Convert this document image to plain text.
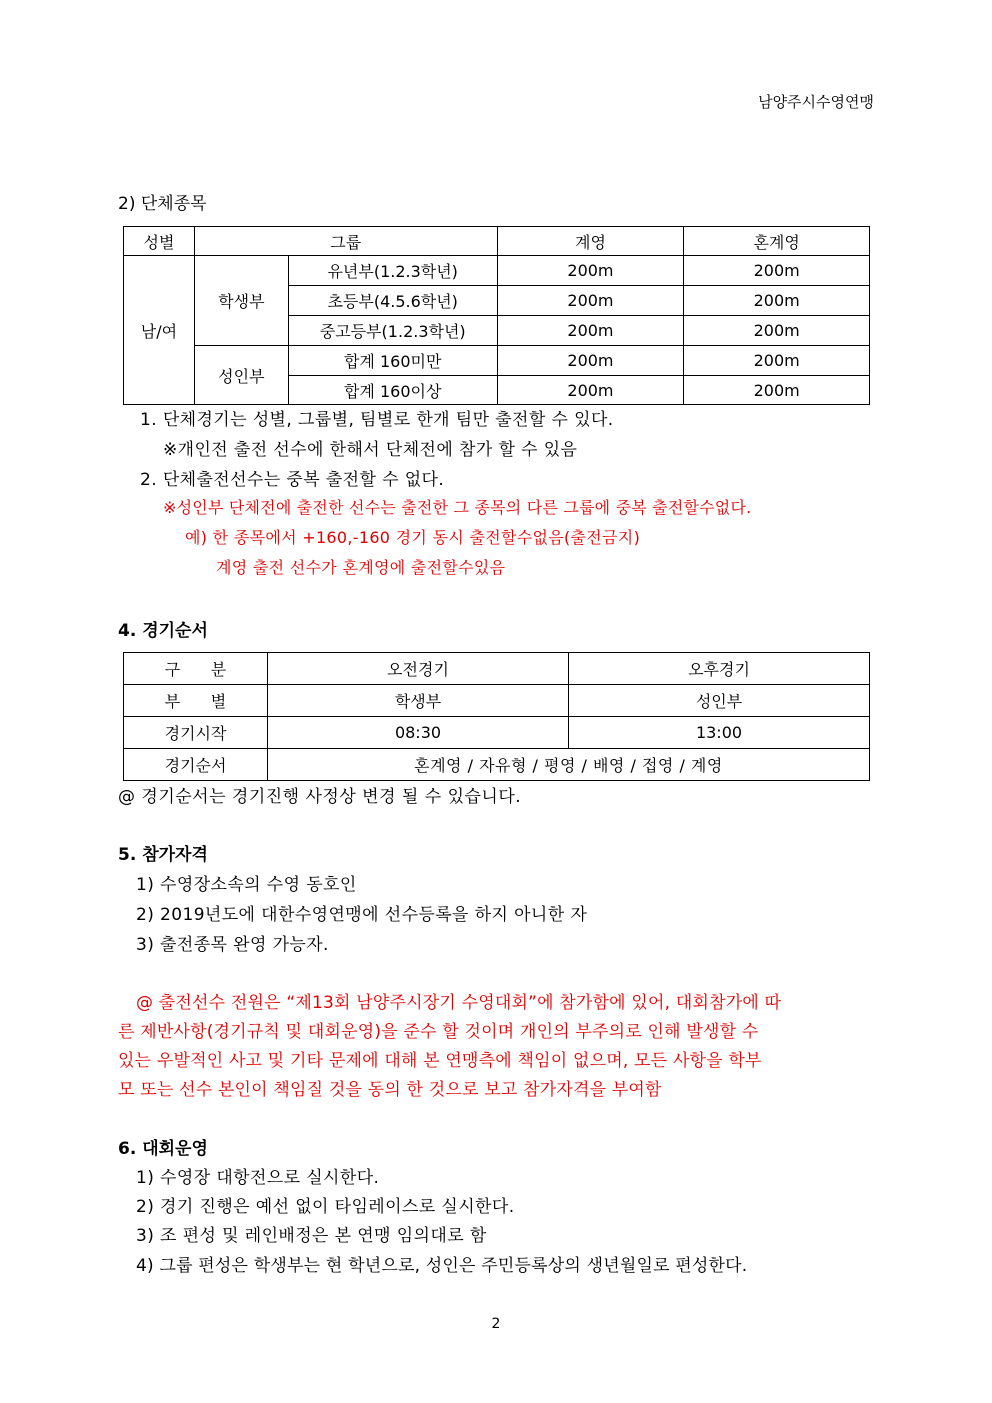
남양주시수영연맹
2) 단체종목
성별	그룹		계영	혼계영
남/여	학생부	유년부(1.2.3학년)	200m	200m
		초등부(4.5.6학년)	200m	200m
		중고등부(1.2.3학년)	200m	200m
	성인부	합계 160미만	200m	200m
		합계 160이상	200m	200m
1. 단체경기는 성별, 그룹별, 팀별로 한개 팀만 출전할 수 있다.
※개인전 출전 선수에 한해서 단체전에 참가 할 수 있음
2. 단체출전선수는 중복 출전할 수 없다.
※성인부 단체전에 출전한 선수는 출전한 그 종목의 다른 그룹에 중복 출전할수없다.
예) 한 종목에서 +160,-160 경기 동시 출전할수없음(출전금지)
계영 출전 선수가 혼계영에 출전할수있음
4. 경기순서
구      분	오전경기	오후경기
부      별	학생부	성인부
경기시작	08:30	13:00
경기순서	혼계영 / 자유형 / 평영 / 배영 / 접영 / 계영	
@ 경기순서는 경기진행 사정상 변경 될 수 있습니다.
5. 참가자격
1) 수영장소속의 수영 동호인
2) 2019년도에 대한수영연맹에 선수등록을 하지 아니한 자
3) 출전종목 완영 가능자.
@ 출전선수 전원은 “제13회 남양주시장기 수영대회”에 참가함에 있어, 대회참가에 따
른 제반사항(경기규칙 및 대회운영)을 준수 할 것이며 개인의 부주의로 인해 발생할 수
있는 우발적인 사고 및 기타 문제에 대해 본 연맹측에 책임이 없으며, 모든 사항을 학부
모 또는 선수 본인이 책임질 것을 동의 한 것으로 보고 참가자격을 부여함
6. 대회운영
1) 수영장 대항전으로 실시한다.
2) 경기 진행은 예선 없이 타임레이스로 실시한다.
3) 조 편성 및 레인배정은 본 연맹 임의대로 함
4) 그룹 편성은 학생부는 현 학년으로, 성인은 주민등록상의 생년월일로 편성한다.
2
